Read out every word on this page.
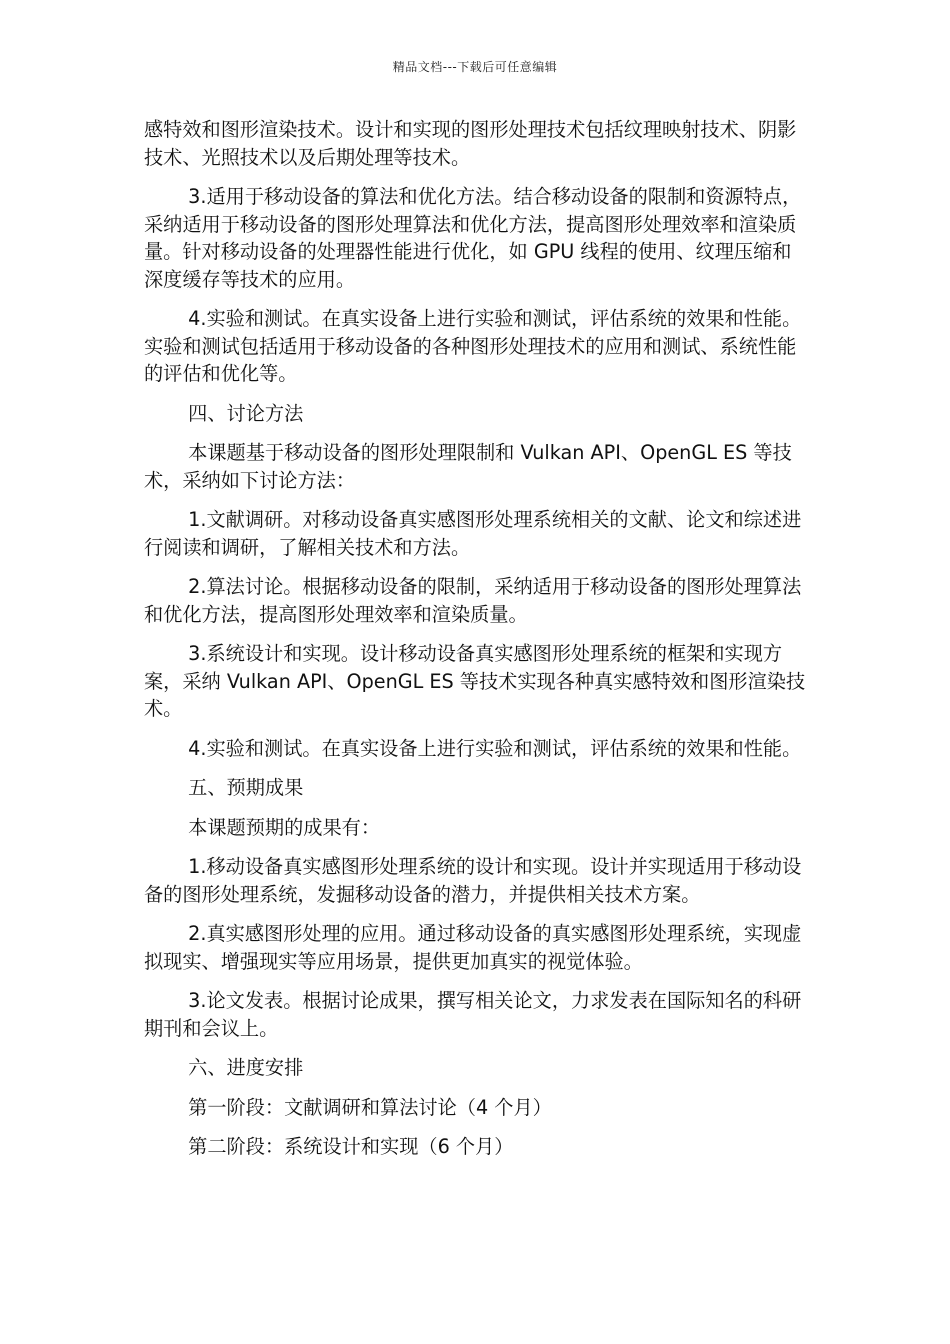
精品文档---下载后可任意编辑

感特效和图形渲染技术。设计和实现的图形处理技术包括纹理映射技术、阴影技术、光照技术以及后期处理等技术。

3.适用于移动设备的算法和优化方法。结合移动设备的限制和资源特点，采纳适用于移动设备的图形处理算法和优化方法，提高图形处理效率和渲染质量。针对移动设备的处理器性能进行优化，如 GPU 线程的使用、纹理压缩和深度缓存等技术的应用。

4.实验和测试。在真实设备上进行实验和测试，评估系统的效果和性能。实验和测试包括适用于移动设备的各种图形处理技术的应用和测试、系统性能的评估和优化等。

四、讨论方法

本课题基于移动设备的图形处理限制和 Vulkan API、OpenGL ES 等技术，采纳如下讨论方法：

1.文献调研。对移动设备真实感图形处理系统相关的文献、论文和综述进行阅读和调研，了解相关技术和方法。

2.算法讨论。根据移动设备的限制，采纳适用于移动设备的图形处理算法和优化方法，提高图形处理效率和渲染质量。

3.系统设计和实现。设计移动设备真实感图形处理系统的框架和实现方案，采纳 Vulkan API、OpenGL ES 等技术实现各种真实感特效和图形渲染技术。

4.实验和测试。在真实设备上进行实验和测试，评估系统的效果和性能。

五、预期成果

本课题预期的成果有：

1.移动设备真实感图形处理系统的设计和实现。设计并实现适用于移动设备的图形处理系统，发掘移动设备的潜力，并提供相关技术方案。

2.真实感图形处理的应用。通过移动设备的真实感图形处理系统，实现虚拟现实、增强现实等应用场景，提供更加真实的视觉体验。

3.论文发表。根据讨论成果，撰写相关论文，力求发表在国际知名的科研期刊和会议上。

六、进度安排

第一阶段：文献调研和算法讨论（4 个月）

第二阶段：系统设计和实现（6 个月）
